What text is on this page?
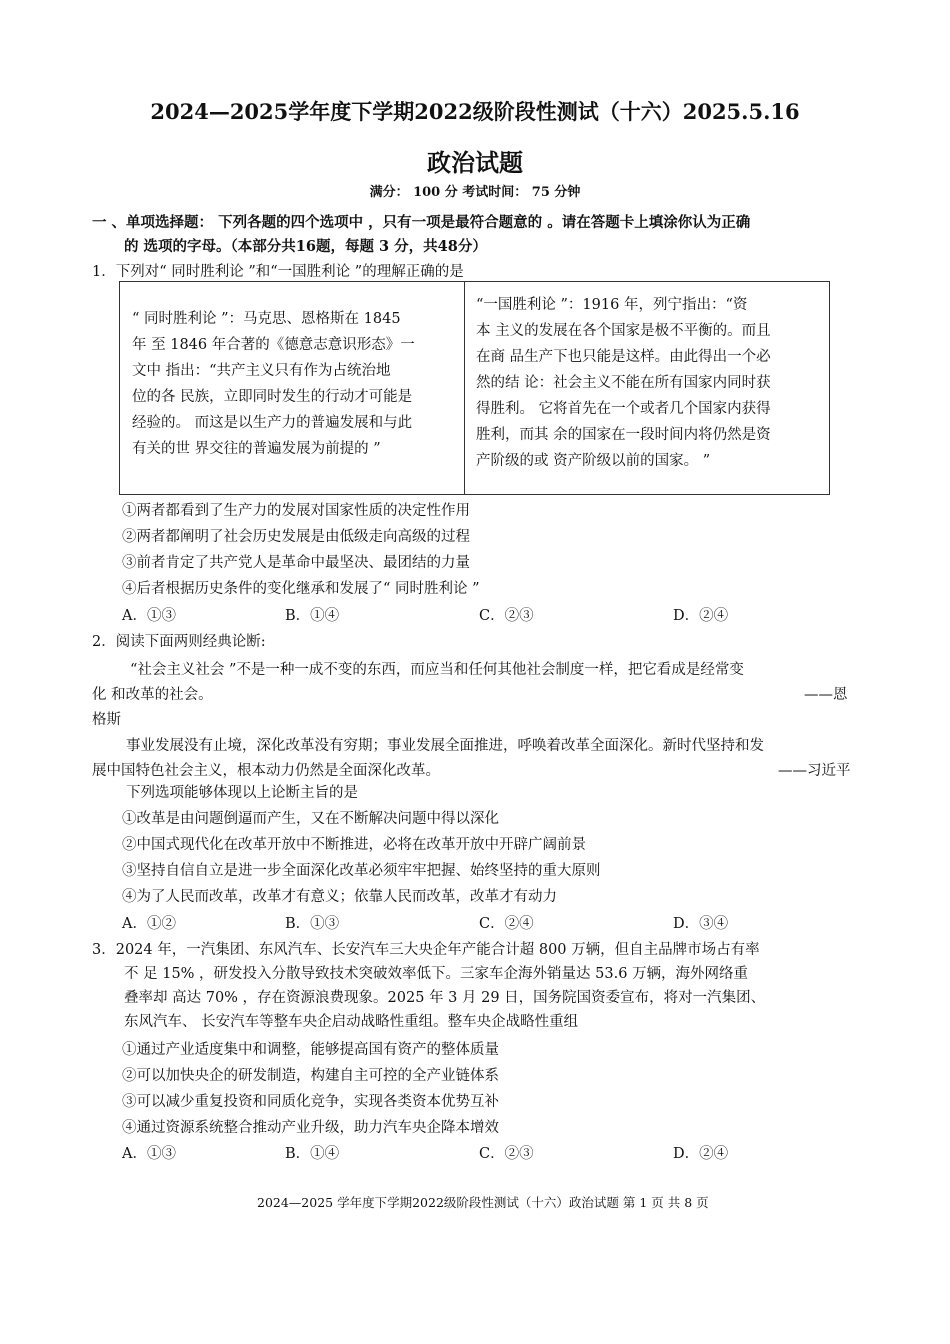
2024—2025学年度下学期2022级阶段性测试（十六）2025.5.16
政治试题
满分： 100 分 考试时间： 75 分钟
一 、单项选择题： 下列各题的四个选项中 ，只有一项是最符合题意的 。请在答题卡上填涂你认为正确
的 选项的字母。（本部分共16题，每题 3 分，共48分）
1．下列对“ 同时胜利论 ”和“一国胜利论 ”的理解正确的是
“ 同时胜利论 ”：马克思、恩格斯在 1845
年 至 1846 年合著的《德意志意识形态》一
文中 指出：“共产主义只有作为占统治地
位的各 民族，立即同时发生的行动才可能是
经验的。 而这是以生产力的普遍发展和与此
有关的世 界交往的普遍发展为前提的 ”
“一国胜利论 ”：1916 年，列宁指出：“资
本 主义的发展在各个国家是极不平衡的。而且
在商 品生产下也只能是这样。由此得出一个必
然的结 论：社会主义不能在所有国家内同时获
得胜利。 它将首先在一个或者几个国家内获得
胜利，而其 余的国家在一段时间内将仍然是资
产阶级的或 资产阶级以前的国家。 ”
①两者都看到了生产力的发展对国家性质的决定性作用
②两者都阐明了社会历史发展是由低级走向高级的过程
③前者肯定了共产党人是革命中最坚决、最团结的力量
④后者根据历史条件的变化继承和发展了“ 同时胜利论 ”
A．①③	B．①④	C．②③	D．②④
2．阅读下面两则经典论断:
“社会主义社会 ”不是一种一成不变的东西，而应当和任何其他社会制度一样，把它看成是经常变
化 和改革的社会。	——恩
格斯
事业发展没有止境，深化改革没有穷期；事业发展全面推进，呼唤着改革全面深化。新时代坚持和发
展中国特色社会主义，根本动力仍然是全面深化改革。	——习近平
下列选项能够体现以上论断主旨的是
①改革是由问题倒逼而产生，又在不断解决问题中得以深化
②中国式现代化在改革开放中不断推进，必将在改革开放中开辟广阔前景
③坚持自信自立是进一步全面深化改革必须牢牢把握、始终坚持的重大原则
④为了人民而改革，改革才有意义；依靠人民而改革，改革才有动力
A．①②	B．①③	C．②④	D．③④
3．2024 年，一汽集团、东风汽车、长安汽车三大央企年产能合计超 800 万辆，但自主品牌市场占有率
不 足 15% ，研发投入分散导致技术突破效率低下。三家车企海外销量达 53.6 万辆，海外网络重
叠率却 高达 70% ，存在资源浪费现象。2025 年 3 月 29 日，国务院国资委宣布，将对一汽集团、
东风汽车、 长安汽车等整车央企启动战略性重组。整车央企战略性重组
①通过产业适度集中和调整，能够提高国有资产的整体质量
②可以加快央企的研发制造，构建自主可控的全产业链体系
③可以减少重复投资和同质化竞争，实现各类资本优势互补
④通过资源系统整合推动产业升级，助力汽车央企降本增效
A．①③	B．①④	C．②③	D．②④
2024—2025 学年度下学期2022级阶段性测试（十六）政治试题 第 1 页 共 8 页
